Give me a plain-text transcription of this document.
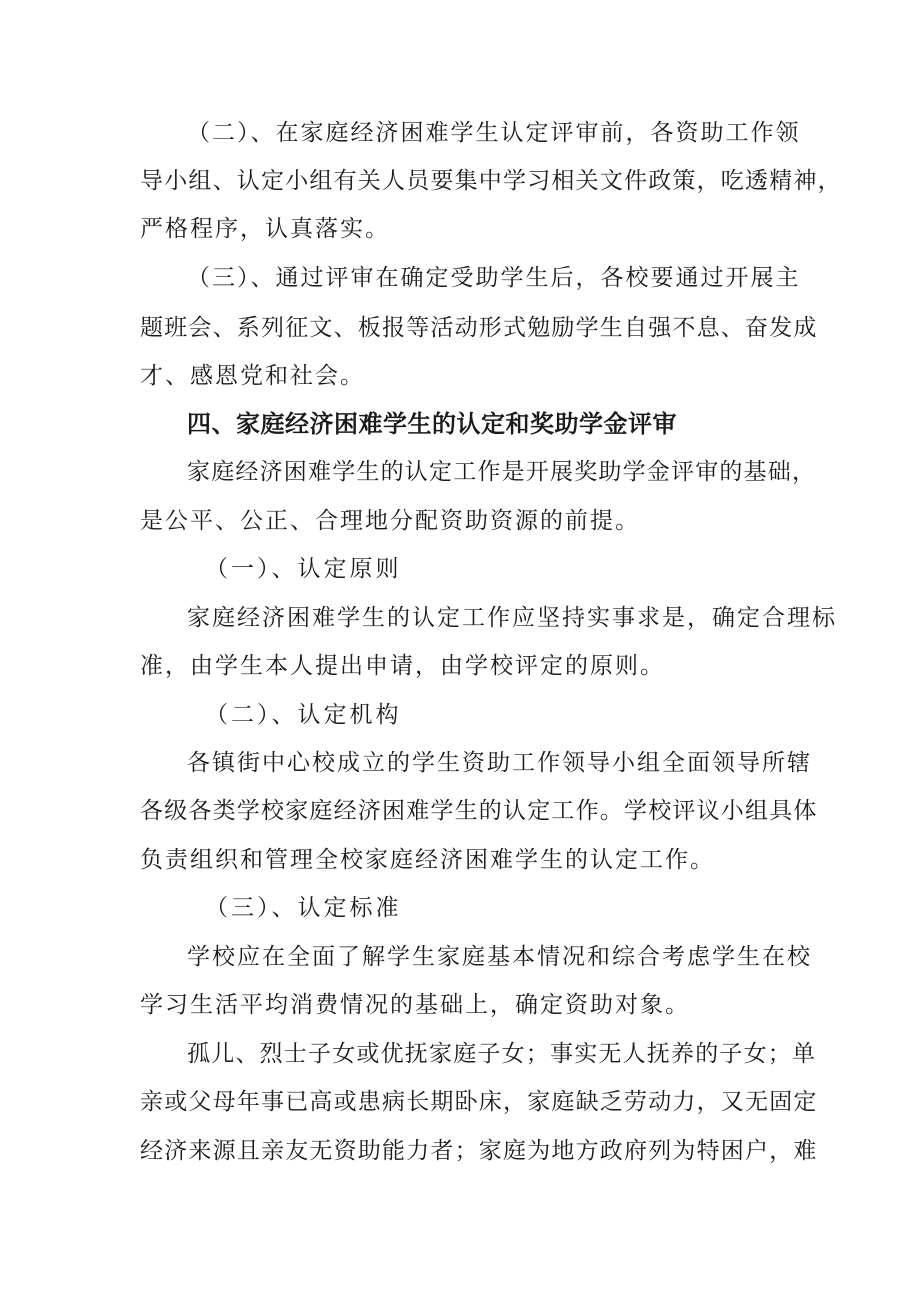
（二）、在家庭经济困难学生认定评审前，各资助工作领
导小组、认定小组有关人员要集中学习相关文件政策，吃透精神，
严格程序，认真落实。
（三）、通过评审在确定受助学生后，各校要通过开展主
题班会、系列征文、板报等活动形式勉励学生自强不息、奋发成
才、感恩党和社会。
四、家庭经济困难学生的认定和奖助学金评审
家庭经济困难学生的认定工作是开展奖助学金评审的基础，
是公平、公正、合理地分配资助资源的前提。
（一）、认定原则
家庭经济困难学生的认定工作应坚持实事求是，确定合理标
准，由学生本人提出申请，由学校评定的原则。
（二）、认定机构
各镇街中心校成立的学生资助工作领导小组全面领导所辖
各级各类学校家庭经济困难学生的认定工作。学校评议小组具体
负责组织和管理全校家庭经济困难学生的认定工作。
（三）、认定标准
学校应在全面了解学生家庭基本情况和综合考虑学生在校
学习生活平均消费情况的基础上，确定资助对象。
孤儿、烈士子女或优抚家庭子女；事实无人抚养的子女；单
亲或父母年事已高或患病长期卧床，家庭缺乏劳动力，又无固定
经济来源且亲友无资助能力者；家庭为地方政府列为特困户，难
